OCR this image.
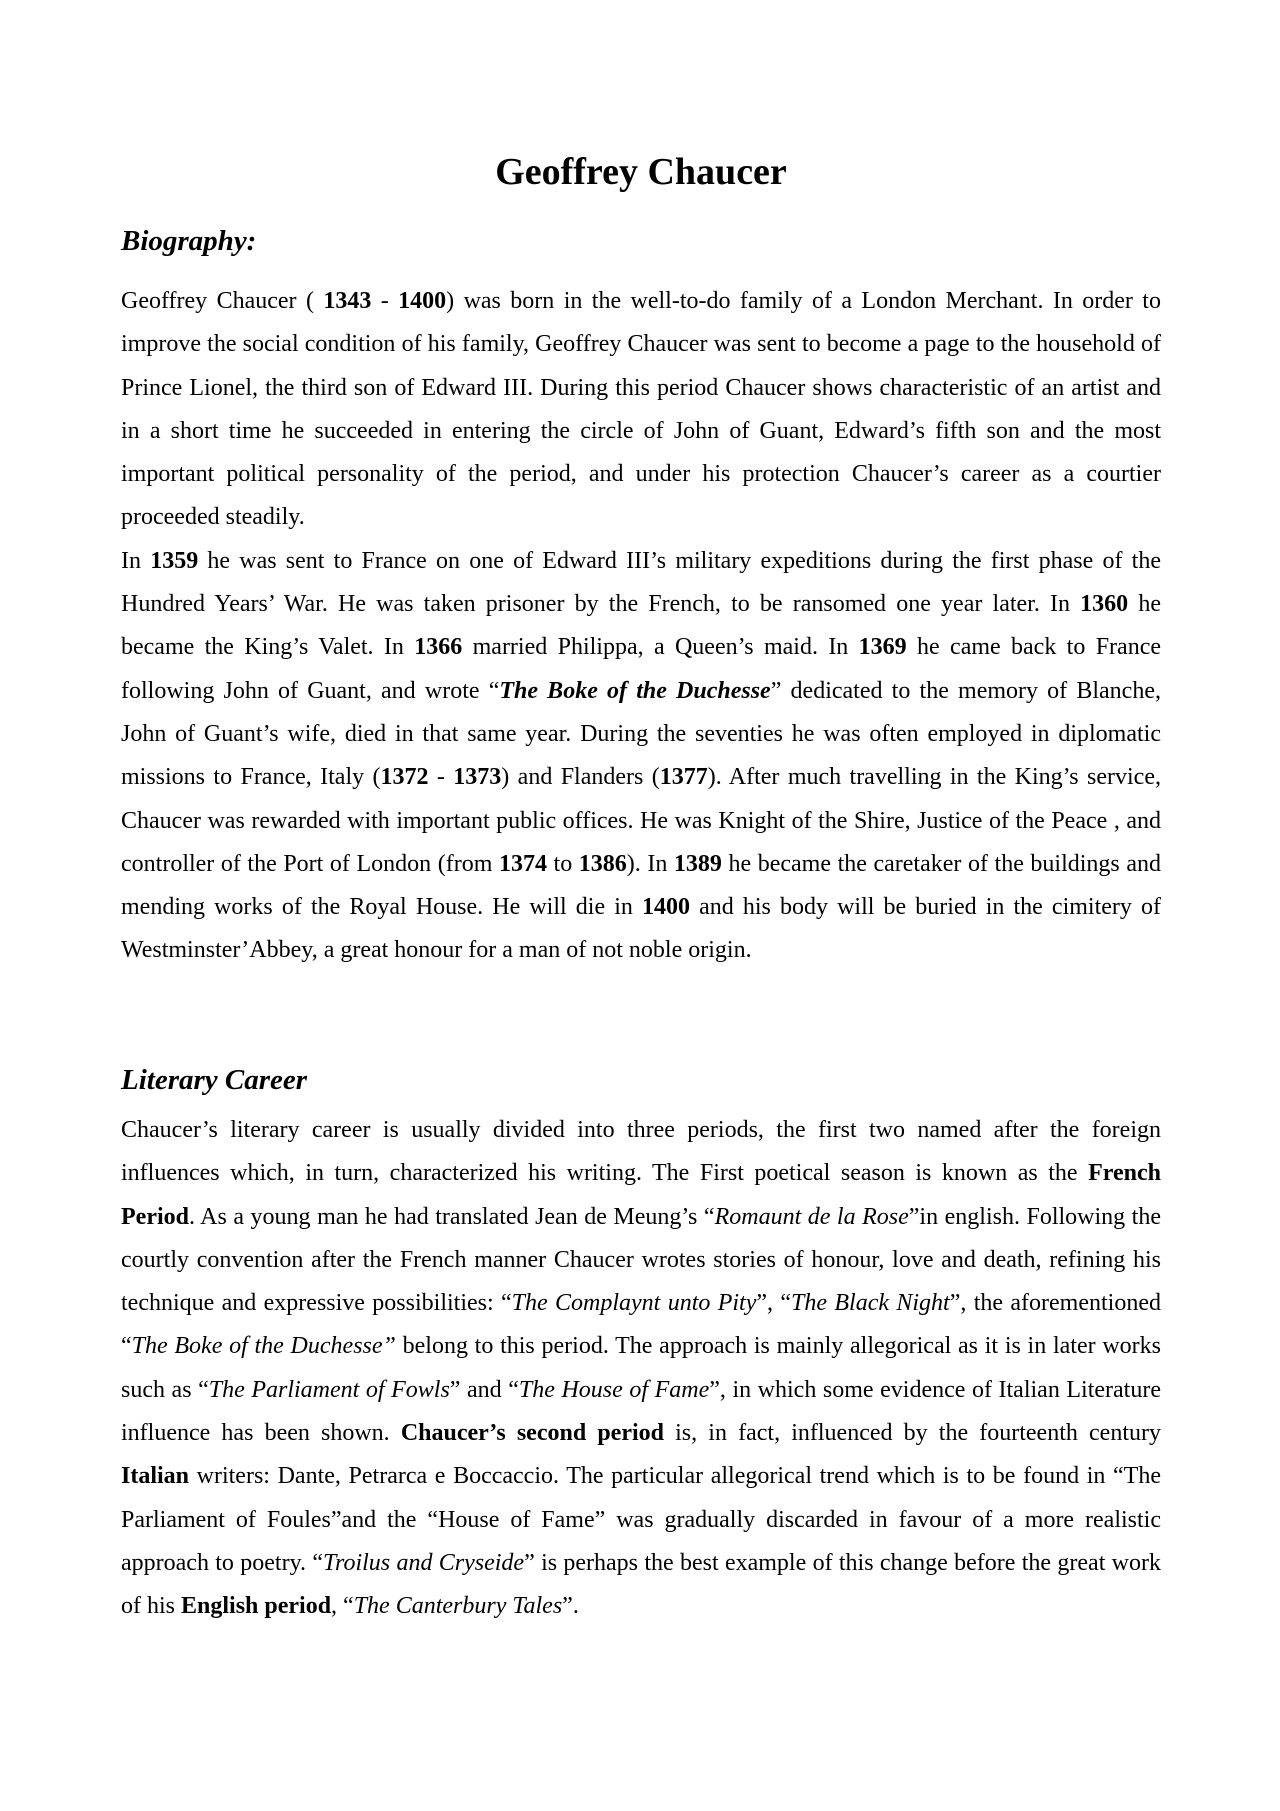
Geoffrey Chaucer
Biography:

Geoffrey Chaucer ( 1343 - 1400) was born in the well-to-do family of a London Merchant. In order to improve the social condition of his family, Geoffrey Chaucer was sent to become a page to the household of Prince Lionel, the third son of Edward III. During this period Chaucer shows characteristic of an artist and in a short time he succeeded in entering the circle of John of Guant, Edward’s fifth son and the most important political personality of the period, and under his protection Chaucer’s career as a courtier proceeded steadily.

In 1359 he was sent to France on one of Edward III’s military expeditions during the first phase of the Hundred Years’ War. He was taken prisoner by the French, to be ransomed one year later. In 1360 he became the King’s Valet. In 1366 married Philippa, a Queen’s maid. In 1369 he came back to France following John of Guant, and wrote “The Boke of the Duchesse” dedicated to the memory of Blanche, John of Guant’s wife, died in that same year. During the seventies he was often employed in diplomatic missions to France, Italy (1372 - 1373) and Flanders (1377). After much travelling in the King’s service, Chaucer was rewarded with important public offices. He was Knight of the Shire, Justice of the Peace , and controller of the Port of London (from 1374 to 1386). In 1389 he became the caretaker of the buildings and mending works of the Royal House. He will die in 1400 and his body will be buried in the cimitery of Westminster’Abbey, a great honour for a man of not noble origin.

Literary Career

Chaucer’s literary career is usually divided into three periods, the first two named after the foreign influences which, in turn, characterized his writing. The First poetical season is known as the French Period. As a young man he had translated Jean de Meung’s “Romaunt de la Rose”in english. Following the courtly convention after the French manner Chaucer wrotes stories of honour, love and death, refining his technique and expressive possibilities: “The Complaynt unto Pity”, “The Black Night”, the aforementioned “The Boke of the Duchesse” belong to this period. The approach is mainly allegorical as it is in later works such as “The Parliament of Fowls” and “The House of Fame”, in which some evidence of Italian Literature influence has been shown. Chaucer’s second period is, in fact, influenced by the fourteenth century Italian writers: Dante, Petrarca e Boccaccio. The particular allegorical trend which is to be found in “The Parliament of Foules”and the “House of Fame” was gradually discarded in favour of a more realistic approach to poetry. “Troilus and Cryseide” is perhaps the best example of this change before the great work of his English period, “The Canterbury Tales”.
